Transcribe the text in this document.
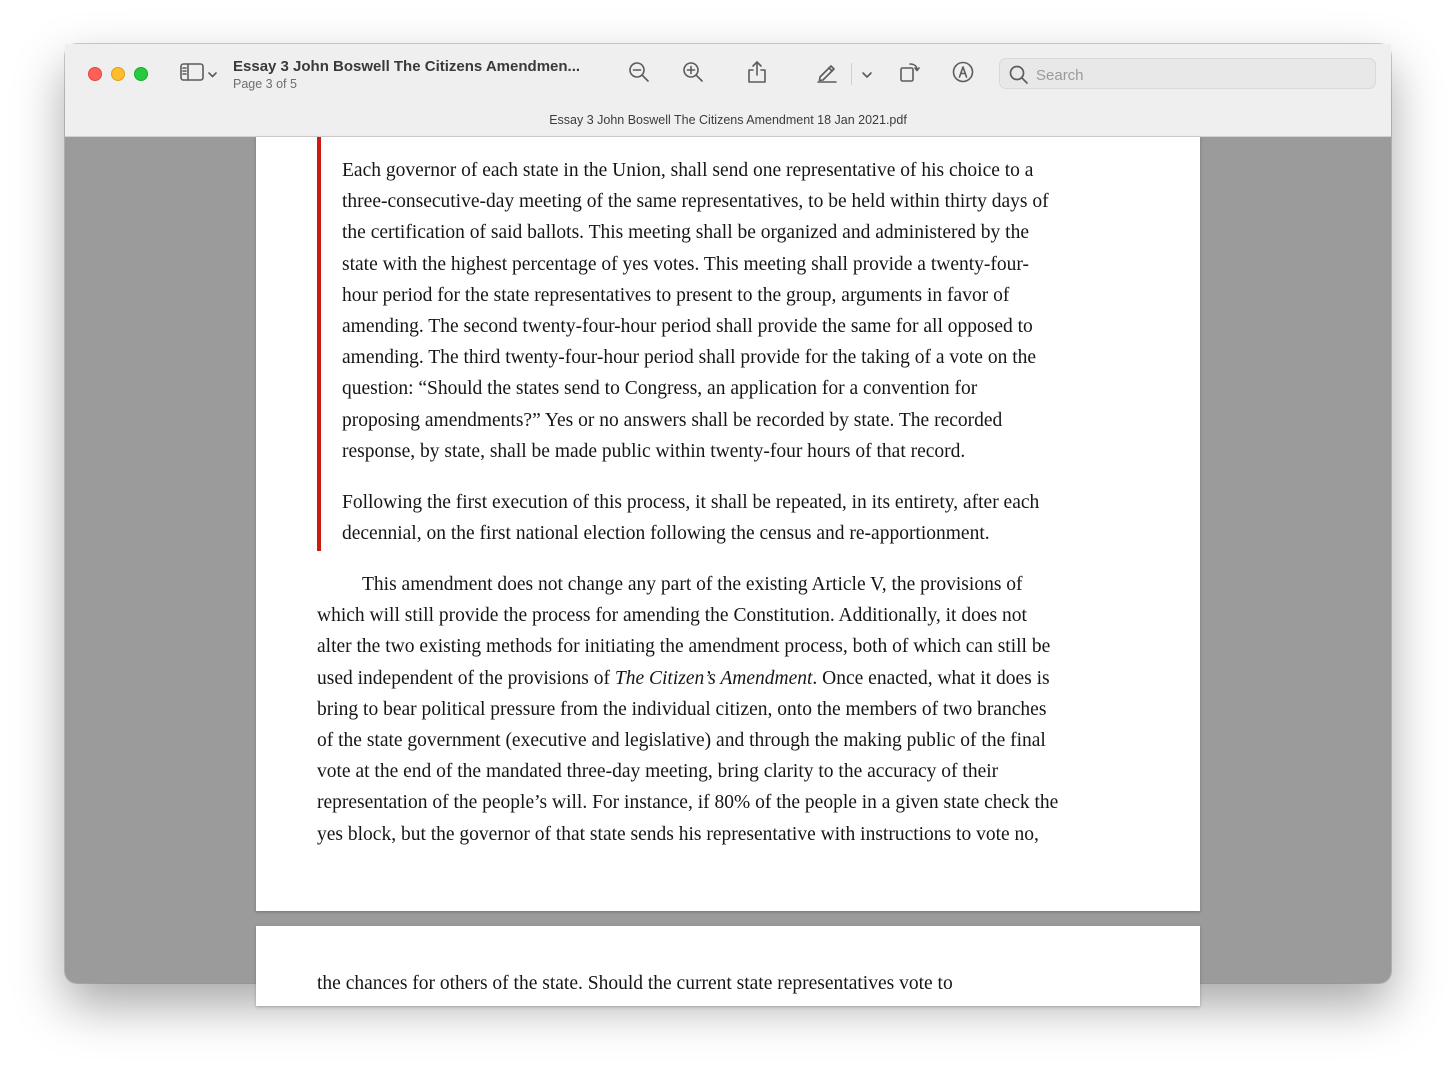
Essay 3 John Boswell The Citizens Amendmen...
Page 3 of 5
Search
Essay 3 John Boswell The Citizens Amendment 18 Jan 2021.pdf
Each governor of each state in the Union, shall send one representative of his choice to a
three-consecutive-day meeting of the same representatives, to be held within thirty days of
the certification of said ballots. This meeting shall be organized and administered by the
state with the highest percentage of yes votes. This meeting shall provide a twenty-four-
hour period for the state representatives to present to the group, arguments in favor of
amending. The second twenty-four-hour period shall provide the same for all opposed to
amending. The third twenty-four-hour period shall provide for the taking of a vote on the
question: “Should the states send to Congress, an application for a convention for
proposing amendments?” Yes or no answers shall be recorded by state. The recorded
response, by state, shall be made public within twenty-four hours of that record.
Following the first execution of this process, it shall be repeated, in its entirety, after each
decennial, on the first national election following the census and re-apportionment.
This amendment does not change any part of the existing Article V, the provisions of
which will still provide the process for amending the Constitution. Additionally, it does not
alter the two existing methods for initiating the amendment process, both of which can still be
used independent of the provisions of The Citizen’s Amendment. Once enacted, what it does is
bring to bear political pressure from the individual citizen, onto the members of two branches
of the state government (executive and legislative) and through the making public of the final
vote at the end of the mandated three-day meeting, bring clarity to the accuracy of their
representation of the people’s will. For instance, if 80% of the people in a given state check the
yes block, but the governor of that state sends his representative with instructions to vote no,
the chances for others of the state. Should the current state representatives vote to
